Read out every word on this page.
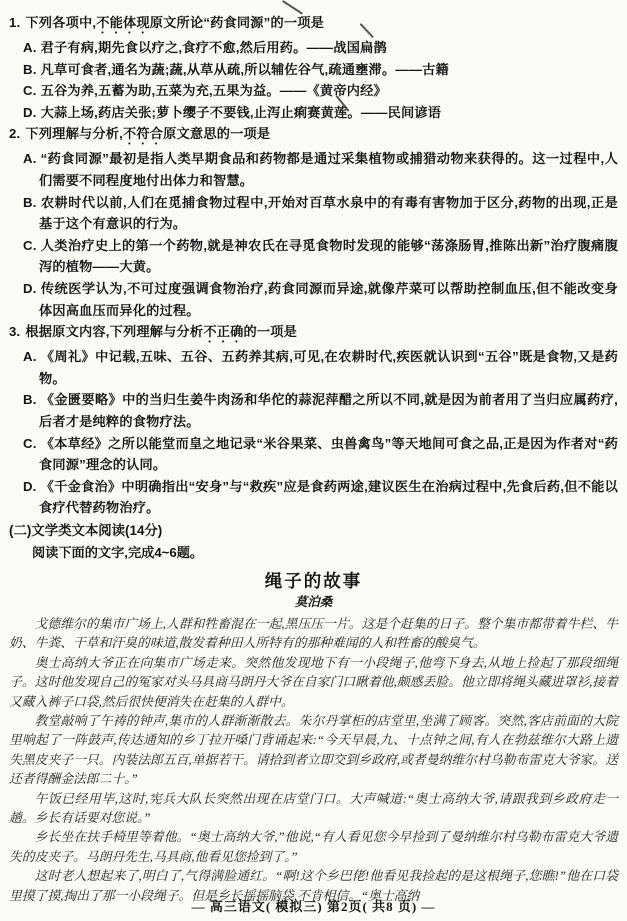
1. 下列各项中,不能体现原文所论“药食同源”的一项是
A. 君子有病,期先食以疗之,食疗不愈,然后用药。——战国扁鹊
B. 凡草可食者,通名为蔬;蔬,从草从疏,所以辅佐谷气,疏通壅滞。——古籍
C. 五谷为养,五蓄为助,五菜为充,五果为益。——《黄帝内经》
D. 大蒜上场,药店关张;萝卜缨子不要钱,止泻止痢赛黄莲。——民间谚语
2. 下列理解与分析,不符合原文意思的一项是
A. “药食同源”最初是指人类早期食品和药物都是通过采集植物或捕猎动物来获得的。这一过程中,人们需要不同程度地付出体力和智慧。
B. 农耕时代以前,人们在觅捕食物过程中,开始对百草水泉中的有毒有害物加于区分,药物的出现,正是基于这个有意识的行为。
C. 人类治疗史上的第一个药物,就是神农氏在寻觅食物时发现的能够“荡涤肠胃,推陈出新”治疗腹痛腹泻的植物——大黄。
D. 传统医学认为,不可过度强调食物治疗,药食同源而异途,就像芹菜可以帮助控制血压,但不能改变身体因高血压而异化的过程。
3. 根据原文内容,下列理解与分析不正确的一项是
A. 《周礼》中记载,五味、五谷、五药养其病,可见,在农耕时代,疾医就认识到“五谷”既是食物,又是药物。
B. 《金匮要略》中的当归生姜牛肉汤和华佗的蒜泥萍醋之所以不同,就是因为前者用了当归应属药疗,后者才是纯粹的食物疗法。
C. 《本草经》之所以能堂而皇之地记录“米谷果菜、虫兽禽鸟”等天地间可食之品,正是因为作者对“药食同源”理念的认同。
D. 《千金食治》中明确指出“安身”与“救疾”应是食药两途,建议医生在治病过程中,先食后药,但不能以食疗代替药物治疗。
(二)文学类文本阅读(14分)
阅读下面的文字,完成4~6题。
绳子的故事
莫泊桑

戈德维尔的集市广场上,人群和牲畜混在一起,黑压压一片。这是个赶集的日子。整个集市都带着牛栏、牛奶、牛粪、干草和汗臭的味道,散发着种田人所特有的那种难闻的人和牲畜的酸臭气。

奥士高纳大爷正在向集市广场走来。突然他发现地下有一小段绳子,他弯下身去,从地上捡起了那段细绳子。这时他发现自己的冤家对头马具商马朗丹大爷在自家门口瞅着他,颇感丢脸。他立即将绳头藏进罩衫,接着又藏入裤子口袋,然后很快便消失在赶集的人群中。

教堂敲响了午祷的钟声,集市的人群渐渐散去。朱尔丹掌柜的店堂里,坐满了顾客。突然,客店前面的大院里响起了一阵鼓声,传达通知的乡丁拉开嗓门背诵起来:“今天早晨,九、十点钟之间,有人在勃兹维尔大路上遗失黑皮夹子一只。内装法郎五百,单据若干。请拾到者立即交到乡政府,或者曼纳维尔村乌勒布雷克大爷家。送还者得酬金法郎二十。”

午饭已经用毕,这时,宪兵大队长突然出现在店堂门口。大声喊道:“奥士高纳大爷,请跟我到乡政府走一趟。乡长有话要对您说。”

乡长坐在扶手椅里等着他。“奥士高纳大爷,”他说,“有人看见您今早捡到了曼纳维尔村乌勒布雷克大爷遗失的皮夹子。马朗丹先生,马具商,他看见您捡到了。”

这时老人想起来了,明白了,气得满脸通红。“啊!这个乡巴佬!他看见我捡起的是这根绳子,您瞧!”他在口袋里摸了摸,掏出了那一小段绳子。但是乡长摇摇脑袋,不肯相信。“奥士高纳

— 高三语文( 模拟三) 第2页( 共8 页) —
